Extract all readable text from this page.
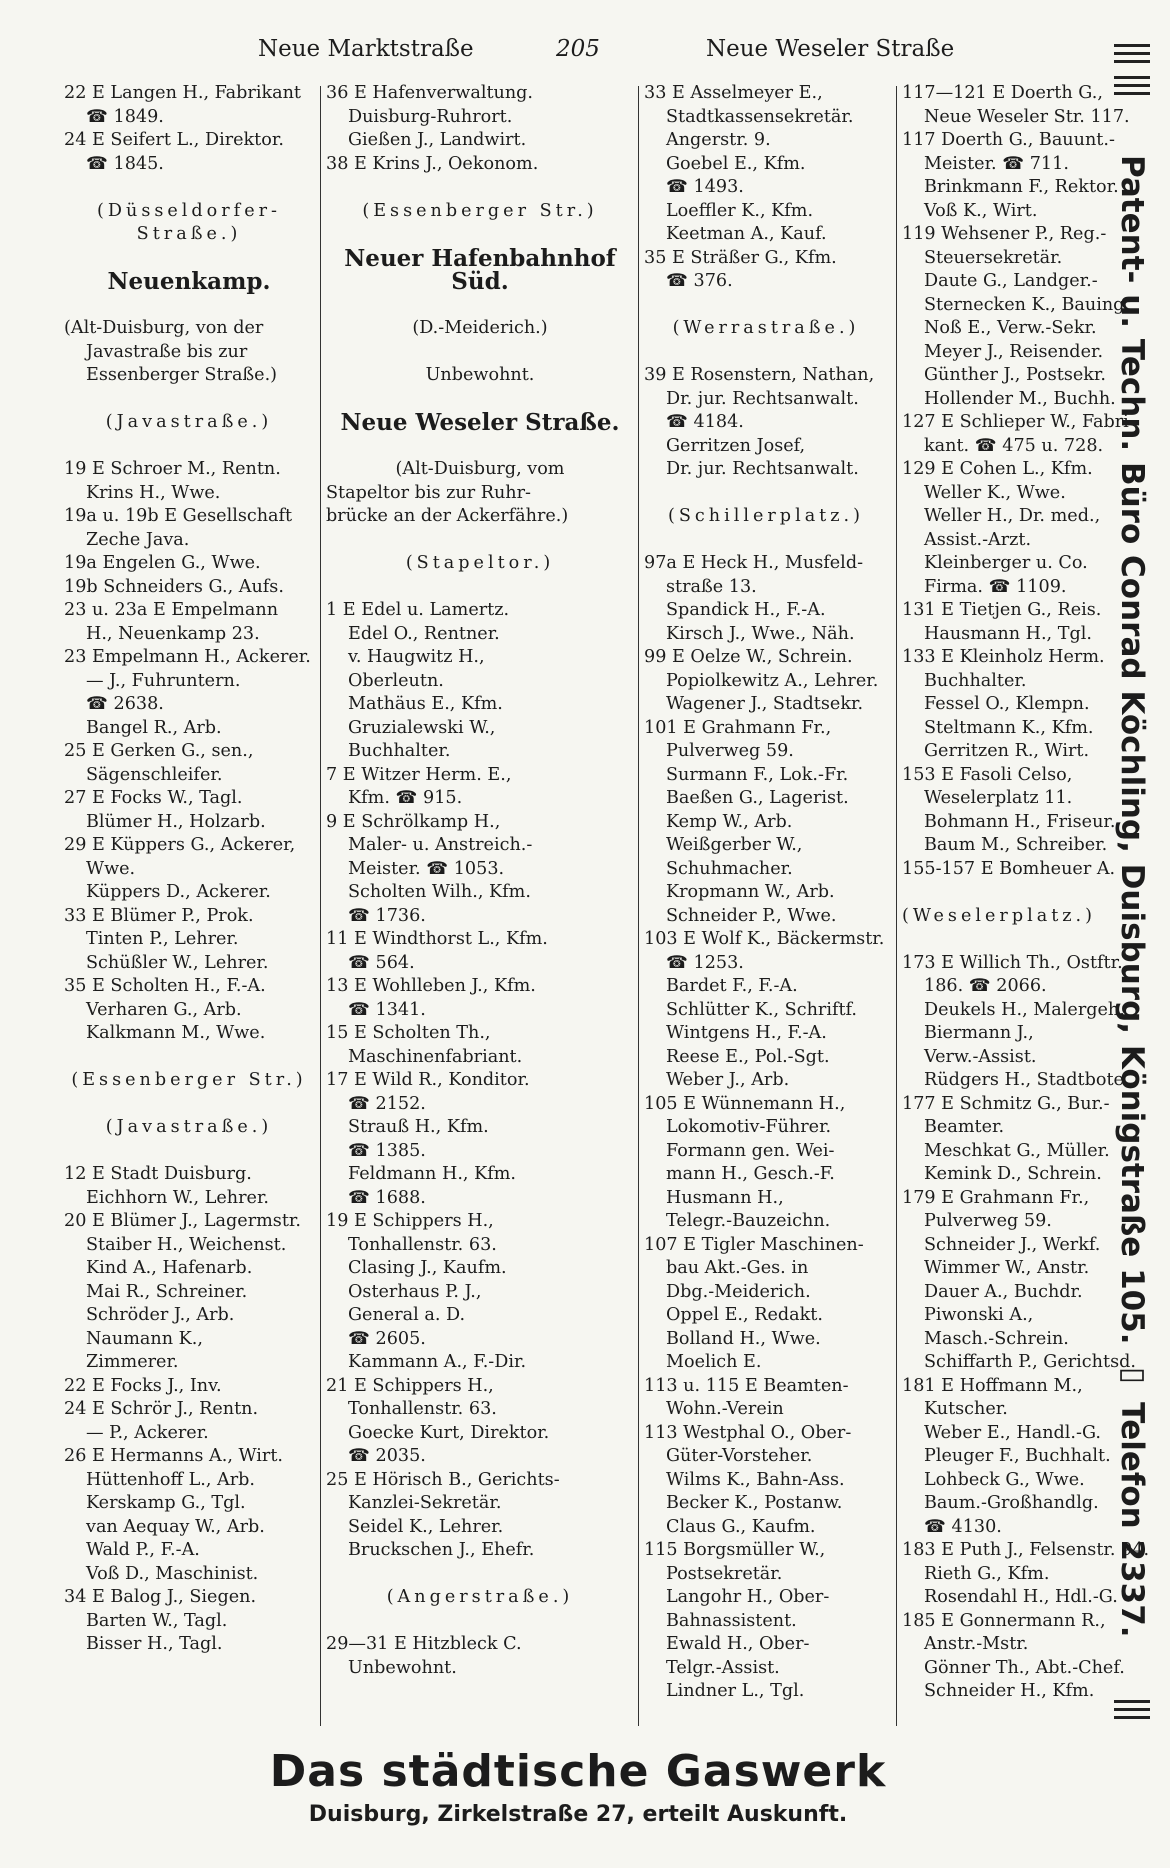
Neue Marktstraße	205	Neue Weseler Straße
22 E Langen H., Fabrikant
☎ 1849.
24 E Seifert L., Direktor.
☎ 1845.
(Düsseldorfer-
Straße.)
Neuenkamp.
(Alt-Duisburg, von der
Javastraße bis zur
Essenberger Straße.)
(Javastraße.)
19 E Schroer M., Rentn.
Krins H., Wwe.
19a u. 19b E Gesellschaft
Zeche Java.
19a Engelen G., Wwe.
19b Schneiders G., Aufs.
23 u. 23a E Empelmann
H., Neuenkamp 23.
23 Empelmann H., Ackerer.
— J., Fuhruntern.
☎ 2638.
Bangel R., Arb.
25 E Gerken G., sen.,
Sägenschleifer.
27 E Focks W., Tagl.
Blümer H., Holzarb.
29 E Küppers G., Ackerer,
Wwe.
Küppers D., Ackerer.
33 E Blümer P., Prok.
Tinten P., Lehrer.
Schüßler W., Lehrer.
35 E Scholten H., F.-A.
Verharen G., Arb.
Kalkmann M., Wwe.
(Essenberger Str.)
(Javastraße.)
12 E Stadt Duisburg.
Eichhorn W., Lehrer.
20 E Blümer J., Lagermstr.
Staiber H., Weichenst.
Kind A., Hafenarb.
Mai R., Schreiner.
Schröder J., Arb.
Naumann K.,
Zimmerer.
22 E Focks J., Inv.
24 E Schrör J., Rentn.
— P., Ackerer.
26 E Hermanns A., Wirt.
Hüttenhoff L., Arb.
Kerskamp G., Tgl.
van Aequay W., Arb.
Wald P., F.-A.
Voß D., Maschinist.
34 E Balog J., Siegen.
Barten W., Tagl.
Bisser H., Tagl.
36 E Hafenverwaltung.
Duisburg-Ruhrort.
Gießen J., Landwirt.
38 E Krins J., Oekonom.
(Essenberger Str.)
Neuer Hafenbahnhof
Süd.
(D.-Meiderich.)
Unbewohnt.
Neue Weseler Straße.
(Alt-Duisburg, vom
Stapeltor bis zur Ruhr-
brücke an der Ackerfähre.)
(Stapeltor.)
1 E Edel u. Lamertz.
Edel O., Rentner.
v. Haugwitz H.,
Oberleutn.
Mathäus E., Kfm.
Gruzialewski W.,
Buchhalter.
7 E Witzer Herm. E.,
Kfm. ☎ 915.
9 E Schrölkamp H.,
Maler- u. Anstreich.-
Meister. ☎ 1053.
Scholten Wilh., Kfm.
☎ 1736.
11 E Windthorst L., Kfm.
☎ 564.
13 E Wohlleben J., Kfm.
☎ 1341.
15 E Scholten Th.,
Maschinenfabriant.
17 E Wild R., Konditor.
☎ 2152.
Strauß H., Kfm.
☎ 1385.
Feldmann H., Kfm.
☎ 1688.
19 E Schippers H.,
Tonhallenstr. 63.
Clasing J., Kaufm.
Osterhaus P. J.,
General a. D.
☎ 2605.
Kammann A., F.-Dir.
21 E Schippers H.,
Tonhallenstr. 63.
Goecke Kurt, Direktor.
☎ 2035.
25 E Hörisch B., Gerichts-
Kanzlei-Sekretär.
Seidel K., Lehrer.
Bruckschen J., Ehefr.
(Angerstraße.)
29—31 E Hitzbleck C.
Unbewohnt.
33 E Asselmeyer E.,
Stadtkassensekretär.
Angerstr. 9.
Goebel E., Kfm.
☎ 1493.
Loeffler K., Kfm.
Keetman A., Kauf.
35 E Sträßer G., Kfm.
☎ 376.
(Werrastraße.)
39 E Rosenstern, Nathan,
Dr. jur. Rechtsanwalt.
☎ 4184.
Gerritzen Josef,
Dr. jur. Rechtsanwalt.
(Schillerplatz.)
97a E Heck H., Musfeld-
straße 13.
Spandick H., F.-A.
Kirsch J., Wwe., Näh.
99 E Oelze W., Schrein.
Popiolkewitz A., Lehrer.
Wagener J., Stadtsekr.
101 E Grahmann Fr.,
Pulverweg 59.
Surmann F., Lok.-Fr.
Baeßen G., Lagerist.
Kemp W., Arb.
Weißgerber W.,
Schuhmacher.
Kropmann W., Arb.
Schneider P., Wwe.
103 E Wolf K., Bäckermstr.
☎ 1253.
Bardet F., F.-A.
Schlütter K., Schriftf.
Wintgens H., F.-A.
Reese E., Pol.-Sgt.
Weber J., Arb.
105 E Wünnemann H.,
Lokomotiv-Führer.
Formann gen. Wei-
mann H., Gesch.-F.
Husmann H.,
Telegr.-Bauzeichn.
107 E Tigler Maschinen-
bau Akt.-Ges. in
Dbg.-Meiderich.
Oppel E., Redakt.
Bolland H., Wwe.
Moelich E.
113 u. 115 E Beamten-
Wohn.-Verein
113 Westphal O., Ober-
Güter-Vorsteher.
Wilms K., Bahn-Ass.
Becker K., Postanw.
Claus G., Kaufm.
115 Borgsmüller W.,
Postsekretär.
Langohr H., Ober-
Bahnassistent.
Ewald H., Ober-
Telgr.-Assist.
Lindner L., Tgl.
117—121 E Doerth G.,
Neue Weseler Str. 117.
117 Doerth G., Bauunt.-
Meister. ☎ 711.
Brinkmann F., Rektor.
Voß K., Wirt.
119 Wehsener P., Reg.-
Steuersekretär.
Daute G., Landger.-
Sternecken K., Bauing.
Noß E., Verw.-Sekr.
Meyer J., Reisender.
Günther J., Postsekr.
Hollender M., Buchh.
127 E Schlieper W., Fabri-
kant. ☎ 475 u. 728.
129 E Cohen L., Kfm.
Weller K., Wwe.
Weller H., Dr. med.,
Assist.-Arzt.
Kleinberger u. Co.
Firma. ☎ 1109.
131 E Tietjen G., Reis.
Hausmann H., Tgl.
133 E Kleinholz Herm.
Buchhalter.
Fessel O., Klempn.
Steltmann K., Kfm.
Gerritzen R., Wirt.
153 E Fasoli Celso,
Weselerplatz 11.
Bohmann H., Friseur.
Baum M., Schreiber.
155-157 E Bomheuer A.
(Weselerplatz.)
173 E Willich Th., Ostftr.
186. ☎ 2066.
Deukels H., Malergeh.
Biermann J.,
Verw.-Assist.
Rüdgers H., Stadtbote.
177 E Schmitz G., Bur.-
Beamter.
Meschkat G., Müller.
Kemink D., Schrein.
179 E Grahmann Fr.,
Pulverweg 59.
Schneider J., Werkf.
Wimmer W., Anstr.
Dauer A., Buchdr.
Piwonski A.,
Masch.-Schrein.
Schiffarth P., Gerichtsd.
181 E Hoffmann M.,
Kutscher.
Weber E., Handl.-G.
Pleuger F., Buchhalt.
Lohbeck G., Wwe.
Baum.-Großhandlg.
☎ 4130.
183 E Puth J., Felsenstr. 94.
Rieth G., Kfm.
Rosendahl H., Hdl.-G.
185 E Gonnermann R.,
Anstr.-Mstr.
Gönner Th., Abt.-Chef.
Schneider H., Kfm.
Patent- u. Techn. Büro Conrad Köchling, Duisburg, Königstraße 105. ▭ Telefon 2337.
Das städtische Gaswerk
Duisburg, Zirkelstraße 27, erteilt Auskunft.
